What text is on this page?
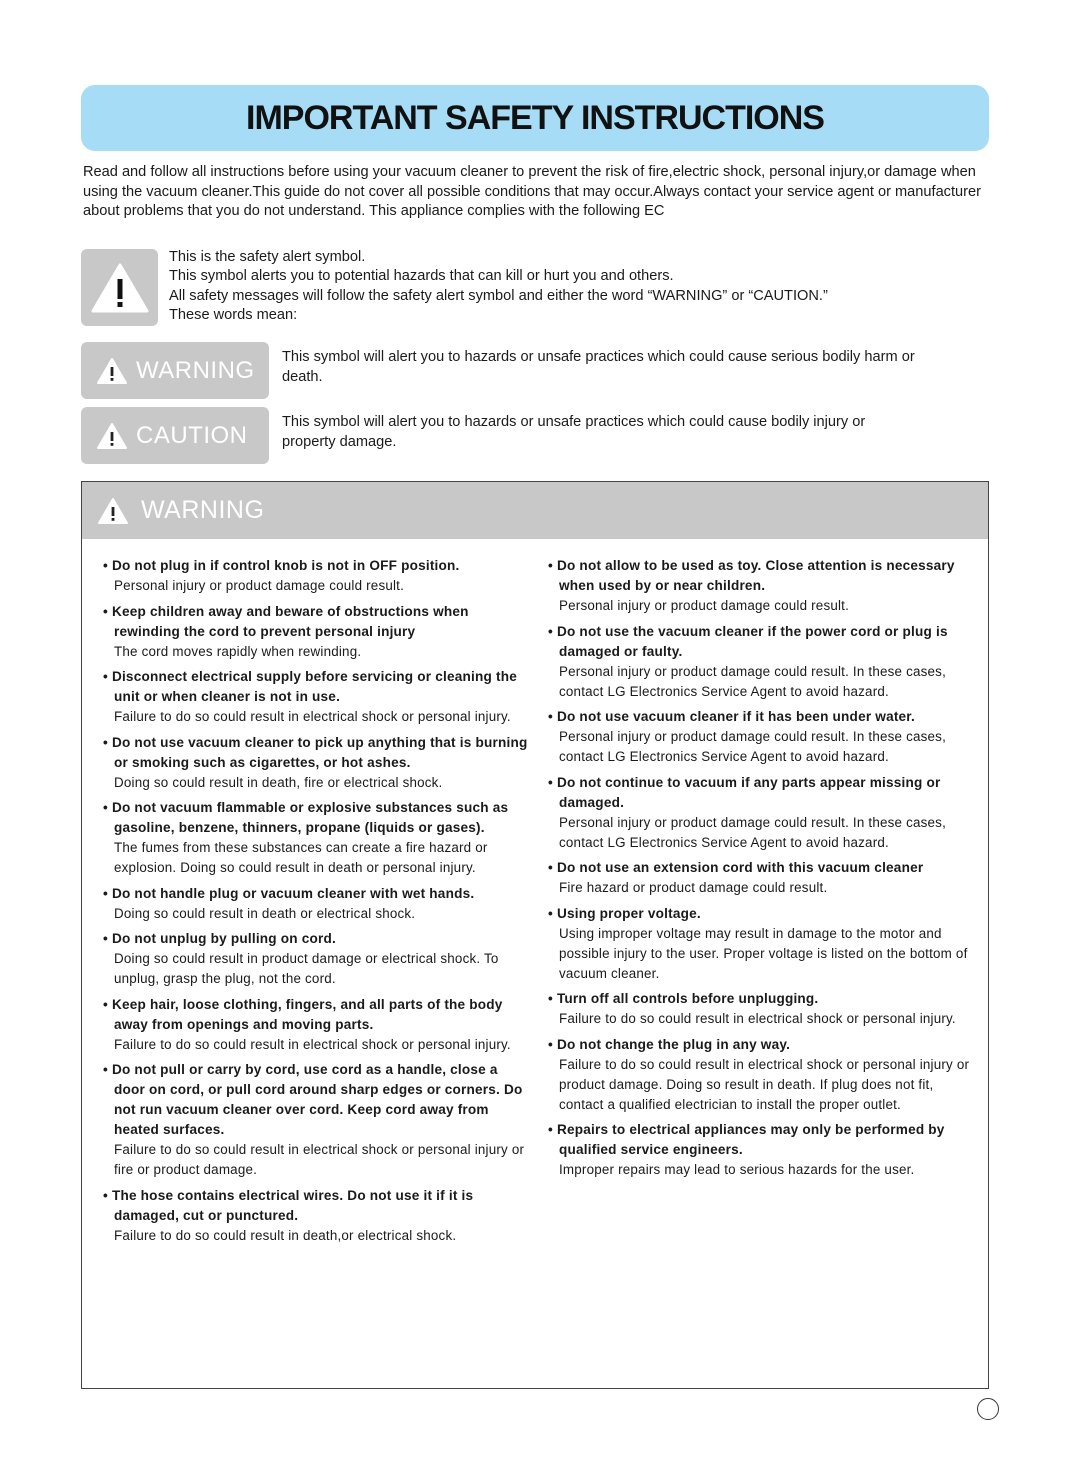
IMPORTANT SAFETY INSTRUCTIONS

Read and follow all instructions before using your vacuum cleaner to prevent the risk of fire,electric shock, personal injury,or damage when using the vacuum cleaner.This guide do not cover all possible conditions that may occur.Always contact your service agent or manufacturer about problems that you do not understand. This appliance complies with the following EC

This is the safety alert symbol.
This symbol alerts you to potential hazards that can kill or hurt you and others.
All safety messages will follow the safety alert symbol and either the word “WARNING” or “CAUTION.”
These words mean:
WARNING This symbol will alert you to hazards or unsafe practices which could cause serious bodily harm or death.
CAUTION This symbol will alert you to hazards or unsafe practices which could cause bodily injury or property damage.
WARNING
• Do not plug in if control knob is not in OFF position.
Personal injury or product damage could result.
• Keep children away and beware of obstructions when rewinding the cord to prevent personal injury
The cord moves rapidly when rewinding.
• Disconnect electrical supply before servicing or cleaning the unit or when cleaner is not in use.
Failure to do so could result in electrical shock or personal injury.
• Do not use vacuum cleaner to pick up anything that is burning or smoking such as cigarettes, or hot ashes.
Doing so could result in death, fire or electrical shock.
• Do not vacuum flammable or explosive substances such as gasoline, benzene, thinners, propane (liquids or gases).
The fumes from these substances can create a fire hazard or explosion. Doing so could result in death or personal injury.
• Do not handle plug or vacuum cleaner with wet hands.
Doing so could result in death or electrical shock.
• Do not unplug by pulling on cord.
Doing so could result in product damage or electrical shock. To unplug, grasp the plug, not the cord.
• Keep hair, loose clothing, fingers, and all parts of the body away from openings and moving parts.
Failure to do so could result in electrical shock or personal injury.
• Do not pull or carry by cord, use cord as a handle, close a door on cord, or pull cord around sharp edges or corners. Do not run vacuum cleaner over cord. Keep cord away from heated surfaces.
Failure to do so could result in electrical shock or personal injury or fire or product damage.
• The hose contains electrical wires. Do not use it if it is damaged, cut or punctured.
Failure to do so could result in death,or electrical shock.
• Do not allow to be used as toy. Close attention is necessary when used by or near children.
Personal injury or product damage could result.
• Do not use the vacuum cleaner if the power cord or plug is damaged or faulty.
Personal injury or product damage could result. In these cases, contact LG Electronics Service Agent to avoid hazard.
• Do not use vacuum cleaner if it has been under water.
Personal injury or product damage could result. In these cases, contact LG Electronics Service Agent to avoid hazard.
• Do not continue to vacuum if any parts appear missing or damaged.
Personal injury or product damage could result. In these cases, contact LG Electronics Service Agent to avoid hazard.
• Do not use an extension cord with this vacuum cleaner
Fire hazard or product damage could result.
• Using proper voltage.
Using improper voltage may result in damage to the motor and possible injury to the user. Proper voltage is listed on the bottom of vacuum cleaner.
• Turn off all controls before unplugging.
Failure to do so could result in electrical shock or personal injury.
• Do not change the plug in any way.
Failure to do so could result in electrical shock or personal injury or product damage. Doing so result in death. If plug does not fit, contact a qualified electrician to install the proper outlet.
• Repairs to electrical appliances may only be performed by qualified service engineers.
Improper repairs may lead to serious hazards for the user.
